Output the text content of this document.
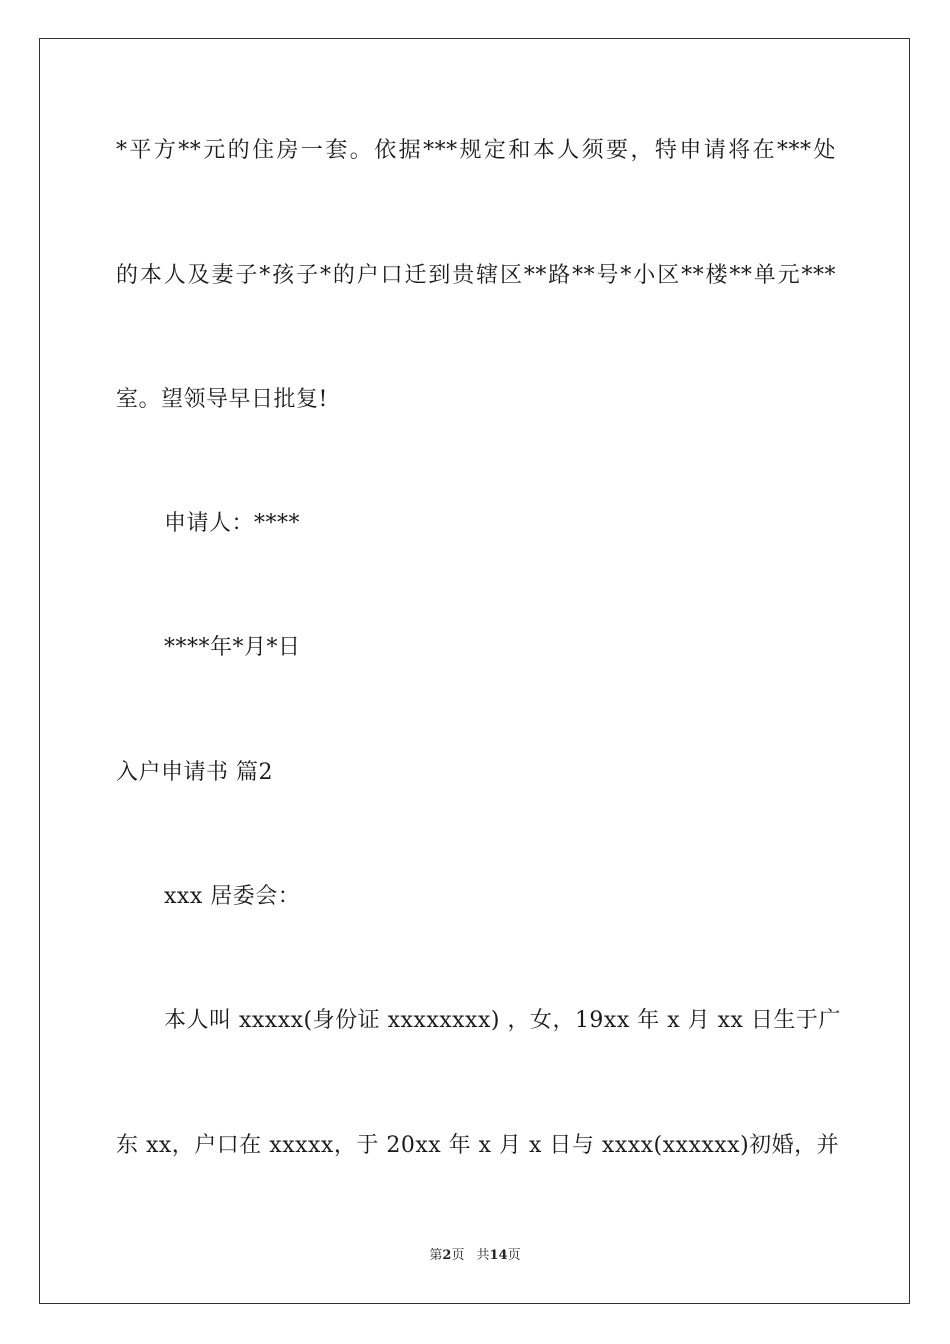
*平方**元的住房一套。依据***规定和本人须要，特申请将在***处
的本人及妻子*孩子*的户口迁到贵辖区**路**号*小区**楼**单元***
室。望领导早日批复!
申请人：****
****年*月*日
入户申请书 篇2
xxx 居委会：
本人叫 xxxxx(身份证 xxxxxxxx) ，女，19xx 年 x 月 xx 日生于广
东 xx，户口在 xxxxx，于 20xx 年 x 月 x 日与 xxxx(xxxxxx)初婚，并
第2页 共14页
